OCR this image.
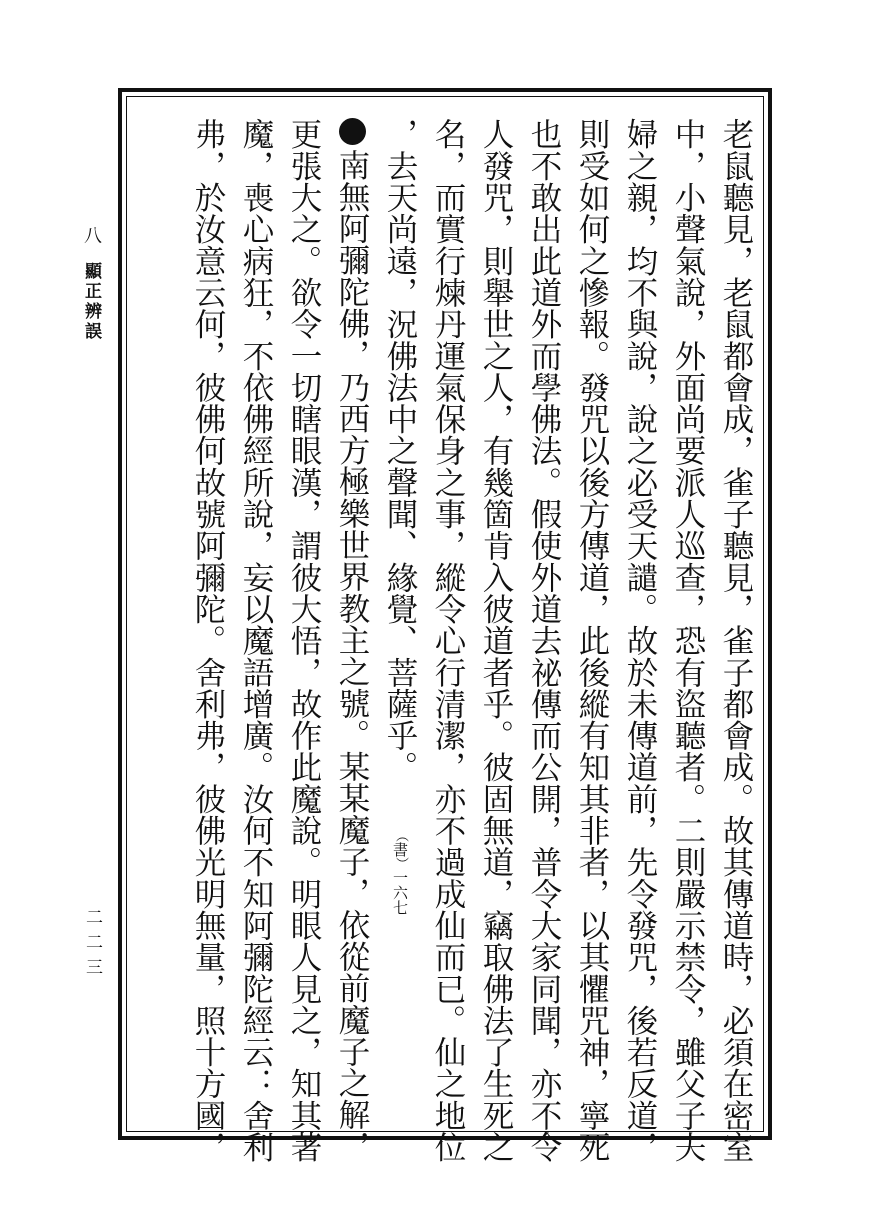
老鼠聽見，老鼠都會成，雀子聽見，雀子都會成。故其傳道時，必須在密室
中，小聲氣說，外面尚要派人巡查，恐有盜聽者。二則嚴示禁令，雖父子夫
婦之親，均不與說，說之必受天譴。故於未傳道前，先令發咒，後若反道，
則受如何之慘報。發咒以後方傳道，此後縱有知其非者，以其懼咒神，寧死
也不敢出此道外而學佛法。假使外道去祕傳而公開，普令大家同聞，亦不令
人發咒，則舉世之人，有幾箇肯入彼道者乎。彼固無道，竊取佛法了生死之
名，而實行煉丹運氣保身之事，縱令心行清潔，亦不過成仙而已。仙之地位
，去天尚遠，況佛法中之聲聞、緣覺、菩薩乎。 ︵書︶一六七
南無阿彌陀佛，乃西方極樂世界教主之號。某某魔子，依從前魔子之解，
更張大之。欲令一切瞎眼漢，謂彼大悟，故作此魔說。明眼人見之，知其著
魔，喪心病狂，不依佛經所說，妄以魔語增廣。汝何不知阿彌陀經云：舍利
弗，於汝意云何，彼佛何故號阿彌陀。舍利弗，彼佛光明無量，照十方國，
八
顯正辨誤
二二三
